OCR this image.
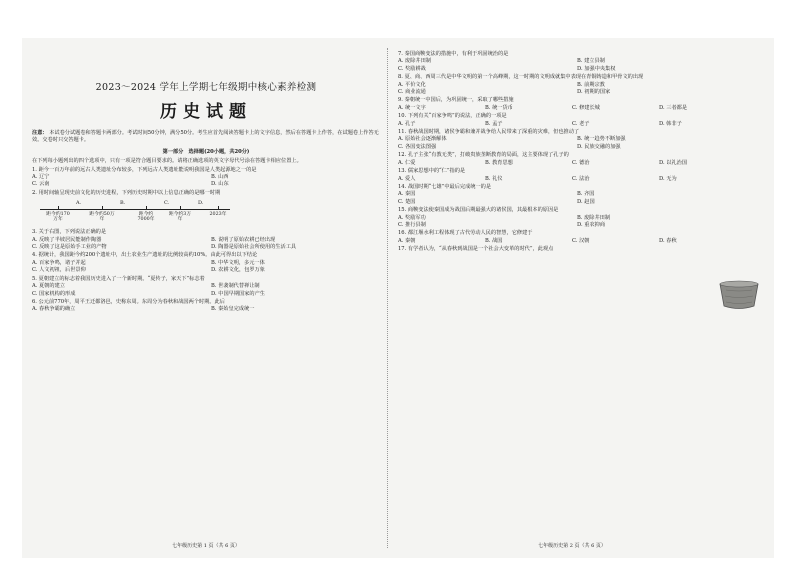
2023～2024 学年上学期七年级期中核心素养检测
历史试题
注意： 本试卷分试题卷和答题卡两部分。考试时间50分钟，满分50分。考生应首先阅读答题卡上的文字信息，然后在答题卡上作答，在试题卷上作答无效。交卷时只交答题卡。
第一部分　选择题(20小题，共20分)
在下列每小题列出的四个选项中，只有一项是符合题目要求的。请将正确选项的英文字母代号涂在答题卡相应位置上。
1. 距今一百万年前的远古人类遗址分布较多，下列远古人类遗址能说明我国是人类起源地之一的是
A. 辽宁	B. 山西
C. 云南	D. 山东
2. 用时间轴呈现史前文化的历史进程，下列历史时期中以上信息正确的是哪一时期
距今约170万年
距今约50万年
距今约7000年
距今约3万年
2023年
A.	B.	C.	D.
3. 关于右图，下列说法正确的是
A. 反映了半坡居民能制作陶器	B. 说明了原始农耕已经出现
C. 反映了这是原始手工业的产物	D. 陶器是原始社会所使用的生活工具
4. 据统计，我国距今约200个遗址中，出土农业生产遗址的比例较高约10%。由此可得出以下结论
A. 百家争鸣，诸子并起	B. 中华文明，多元一体
C. 人文初祖，后世景仰	D. 农耕文化，包罗万象
5. 夏朝建立的标志着我国历史进入了一个新时期。“夏传子，家天下”标志着
A. 夏朝的建立	B. 世袭制代替禅让制
C. 国家机构的形成	D. 中国早期国家的产生
6. 公元前770年，周平王迁都洛邑，史称东周。东周分为春秋和战国两个时期。此后
A. 春秋争霸的确立	B. 秦始皇完成统一
七年级历史第 1 页（共 6 页）
7. 秦国商鞅变法的措施中，有利于巩固统治的是
A. 废除井田制	B. 建立县制
C. 奖励耕战	D. 加强中央集权
8. 夏、商、西周三代是中华文明的第一个高峰期，这一时期的文明成就集中表现在青铜铸造和甲骨文的出现
A. 平价文化	B. 前期宗教
C. 商业流通	D. 初期的国家
9. 秦朝统一中国后，为巩固统一，采取了哪些措施
A. 统一文字	B. 统一货币	C. 修建长城	D. 三者都是
10. 下列有关“百家争鸣”的说法，正确的一项是
A. 孔子	B. 孟子	C. 老子	D. 韩非子
11. 春秋战国时期，诸侯争霸和兼并战争给人民带来了深重的灾难，但也推动了
A. 原始社会逐渐解体	B. 统一趋势不断加强
C. 各国变法图强	D. 民族交融的加强
12. 孔子主张“有教无类”，打破贵族垄断教育的局面，这主要体现了孔子的
A. 仁爱	B. 教育思想	C. 德治	D. 以礼治国
13. 儒家思想中的“仁”指的是
A. 爱人	B. 礼仪	C. 法治	D. 无为
14. 战国时期“七雄”中最后完成统一的是
A. 秦国	B. 齐国
C. 楚国	D. 赵国
15. 商鞅变法使秦国成为战国后期最强大的诸侯国，其最根本的原因是
A. 奖励军功	B. 废除井田制
C. 推行县制	D. 重农抑商
16. 都江堰水利工程体现了古代劳动人民的智慧，它修建于
A. 秦朝	B. 战国	C. 汉朝	D. 春秋
17. 有学者认为，“从春秋到战国是一个社会大变革的时代”，此观点
七年级历史第 2 页（共 6 页）
